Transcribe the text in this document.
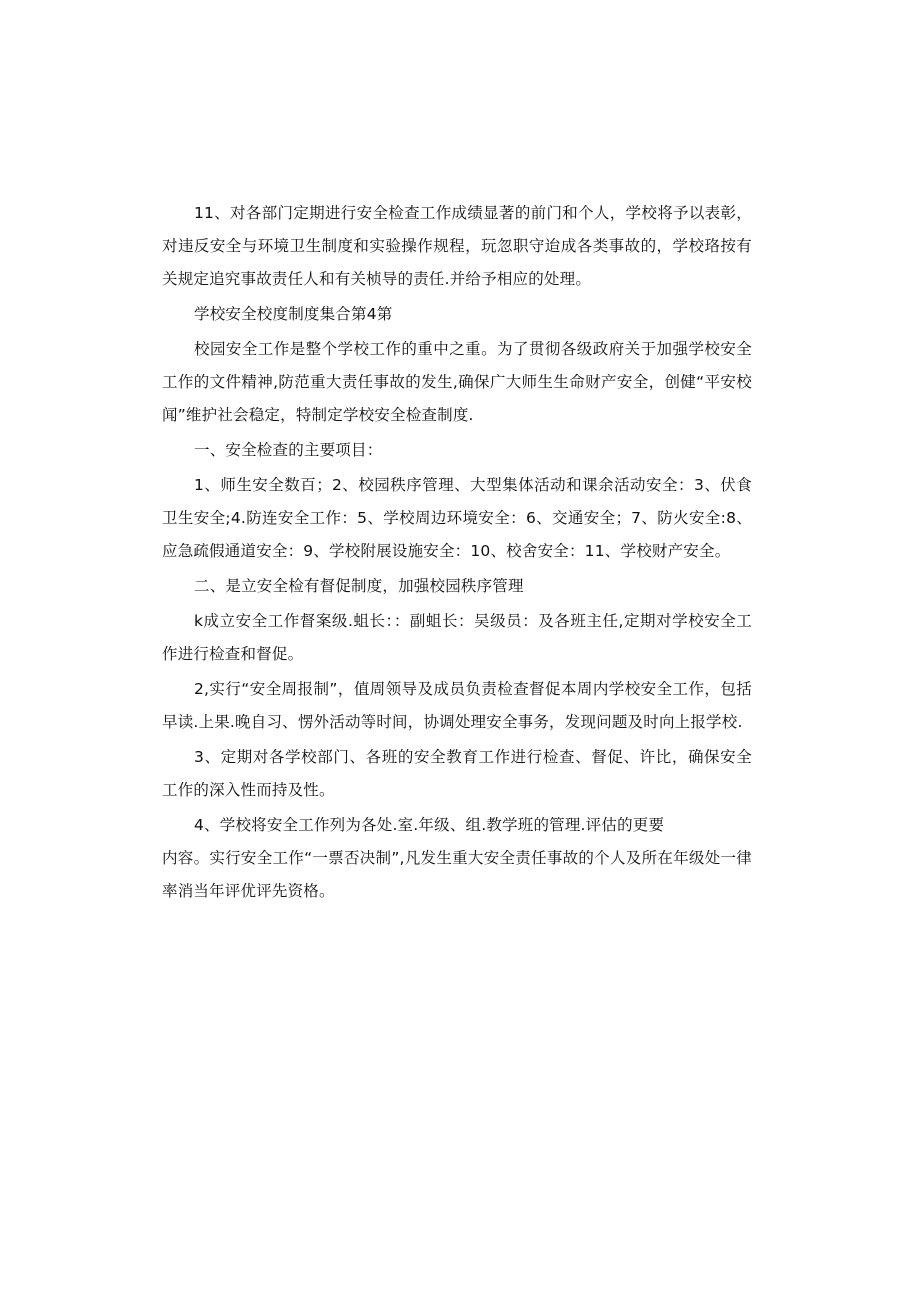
11、对各部门定期进行安全检查工作成绩显著的前门和个人，学校将予以表彰，对违反安全与环境卫生制度和实验操作规程，玩忽职守迨成各类事故的，学校珞按有关规定追究事故责任人和有关桢导的责任.并给予相应的处理。

学校安全校度制度集合第4第

校园安全工作是整个学校工作的重中之重。为了贯彻各级政府关于加强学校安全工作的文件精神,防范重大责任事故的发生,确保广大师生生命财产安全，创健“平安校闻”维护社会稳定，特制定学校安全检查制度.

一、安全检查的主要项目：

1、师生安全数百；2、校园秩序管理、大型集体活动和课余活动安全：3、伏食卫生安全;4.防连安全工作：5、学校周边环境安全：6、交通安全；7、防火安全:8、应急疏假通道安全：9、学校附展设施安全：10、校舍安全：11、学校财产安全。

二、是立安全检有督促制度，加强校园秩序管理

k成立安全工作督案级.蛆长：：副蛆长：吴级员：及各班主任,定期对学校安全工作进行检查和督促。

2,实行“安全周报制”，值周领导及成员负责检查督促本周内学校安全工作，包括早读.上果.晚自习、愣外活动等时间，协调处理安全事务，发现问题及时向上报学校.

3、定期对各学校部门、各班的安全教育工作进行检查、督促、许比，确保安全工作的深入性而持及性。

4、学校将安全工作列为各处.室.年级、组.教学班的管理.评估的更要

内容。实行安全工作“一票否决制”,凡发生重大安全责任事故的个人及所在年级处一律率消当年评优评先资格。
